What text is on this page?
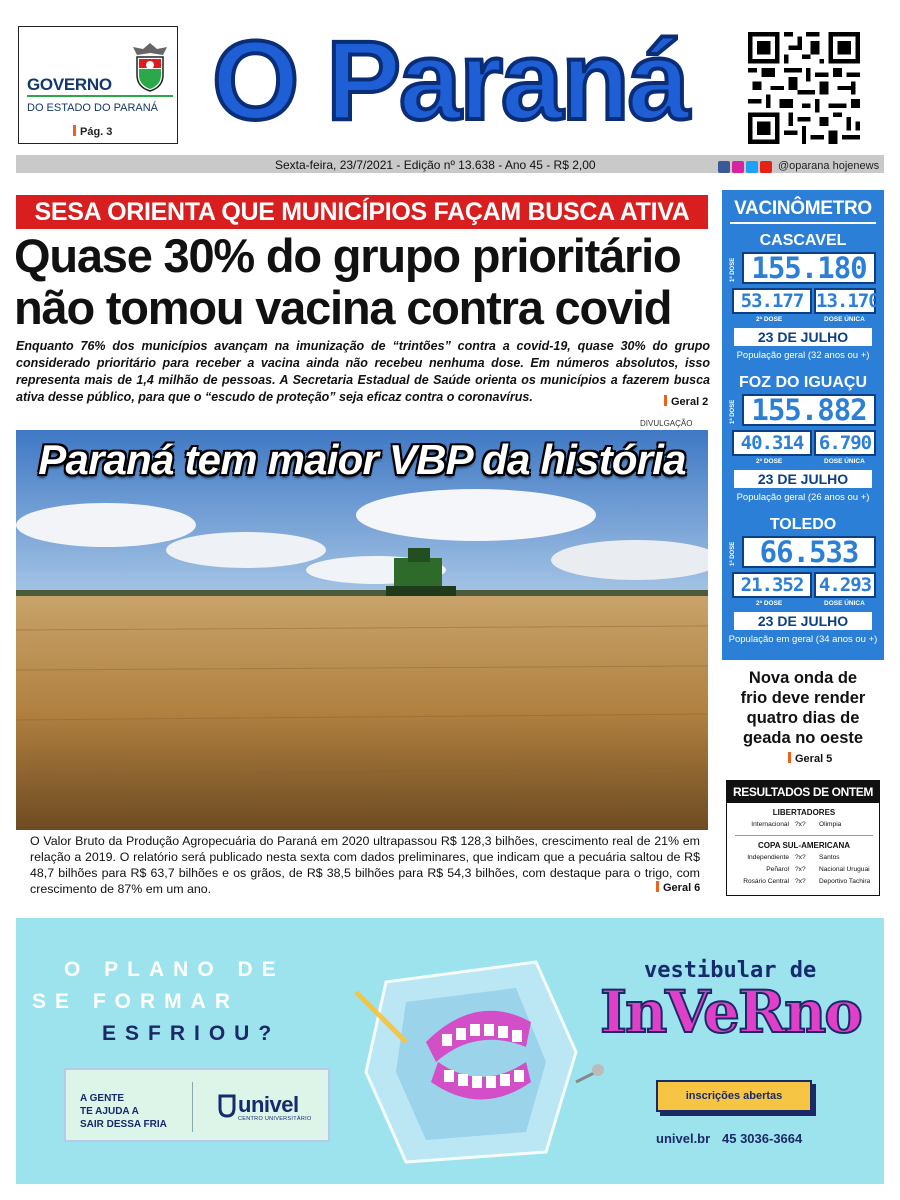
GOVERNO
DO ESTADO DO PARANÁ
Pág. 3 O Paraná
Sexta-feira, 23/7/2021 - Edição nº 13.638 - Ano 45 - R$ 2,00	@oparana hojenews
SESA ORIENTA QUE MUNICÍPIOS FAÇAM BUSCA ATIVA
Quase 30% do grupo prioritário
não tomou vacina contra covid
Enquanto 76% dos municípios avançam na imunização de “trintões” contra a covid-19, quase 30% do grupo considerado prioritário para receber a vacina ainda não recebeu nenhuma dose. Em números absolutos, isso representa mais de 1,4 milhão de pessoas. A Secretaria Estadual de Saúde orienta os municípios a fazerem busca ativa desse público, para que o “escudo de proteção” seja eficaz contra o coronavírus.	Geral 2
DIVULGAÇÃO
Paraná tem maior VBP da história
O Valor Bruto da Produção Agropecuária do Paraná em 2020 ultrapassou R$ 128,3 bilhões, crescimento real de 21% em relação a 2019. O relatório será publicado nesta sexta com dados preliminares, que indicam que a pecuária saltou de R$ 48,7 bilhões para R$ 63,7 bilhões e os grãos, de R$ 38,5 bilhões para R$ 54,3 bilhões, com destaque para o trigo, com crescimento de 87% em um ano.	Geral 6
VACINÔMETRO
CASCAVEL
1ª DOSE 155.180
53.177 13.170
2ª DOSE	DOSE ÚNICA
23 DE JULHO
População geral (32 anos ou +)
FOZ DO IGUAÇU
1ª DOSE 155.882
40.314 6.790
2ª DOSE	DOSE ÚNICA
23 DE JULHO
População geral (26 anos ou +)
TOLEDO
1ª DOSE 66.533
21.352 4.293
2ª DOSE	DOSE ÚNICA
23 DE JULHO
População em geral (34 anos ou +)
Nova onda de
frio deve render
quatro dias de
geada no oeste
Geral 5
RESULTADOS DE ONTEM
LIBERTADORES
Internacional ?x? Olimpia
COPA SUL-AMERICANA
Independiente ?x? Santos
Peñarol ?x? Nacional Uruguai
Rosário Central ?x? Deportivo Tachira
O PLANO DE
SE FORMAR
ESFRIOU?
A GENTE
TE AJUDA A
SAIR DESSA FRIA
univel
CENTRO UNIVERSITÁRIO
vestibular de
InVeRno
inscrições abertas
univel.br 45 3036-3664
